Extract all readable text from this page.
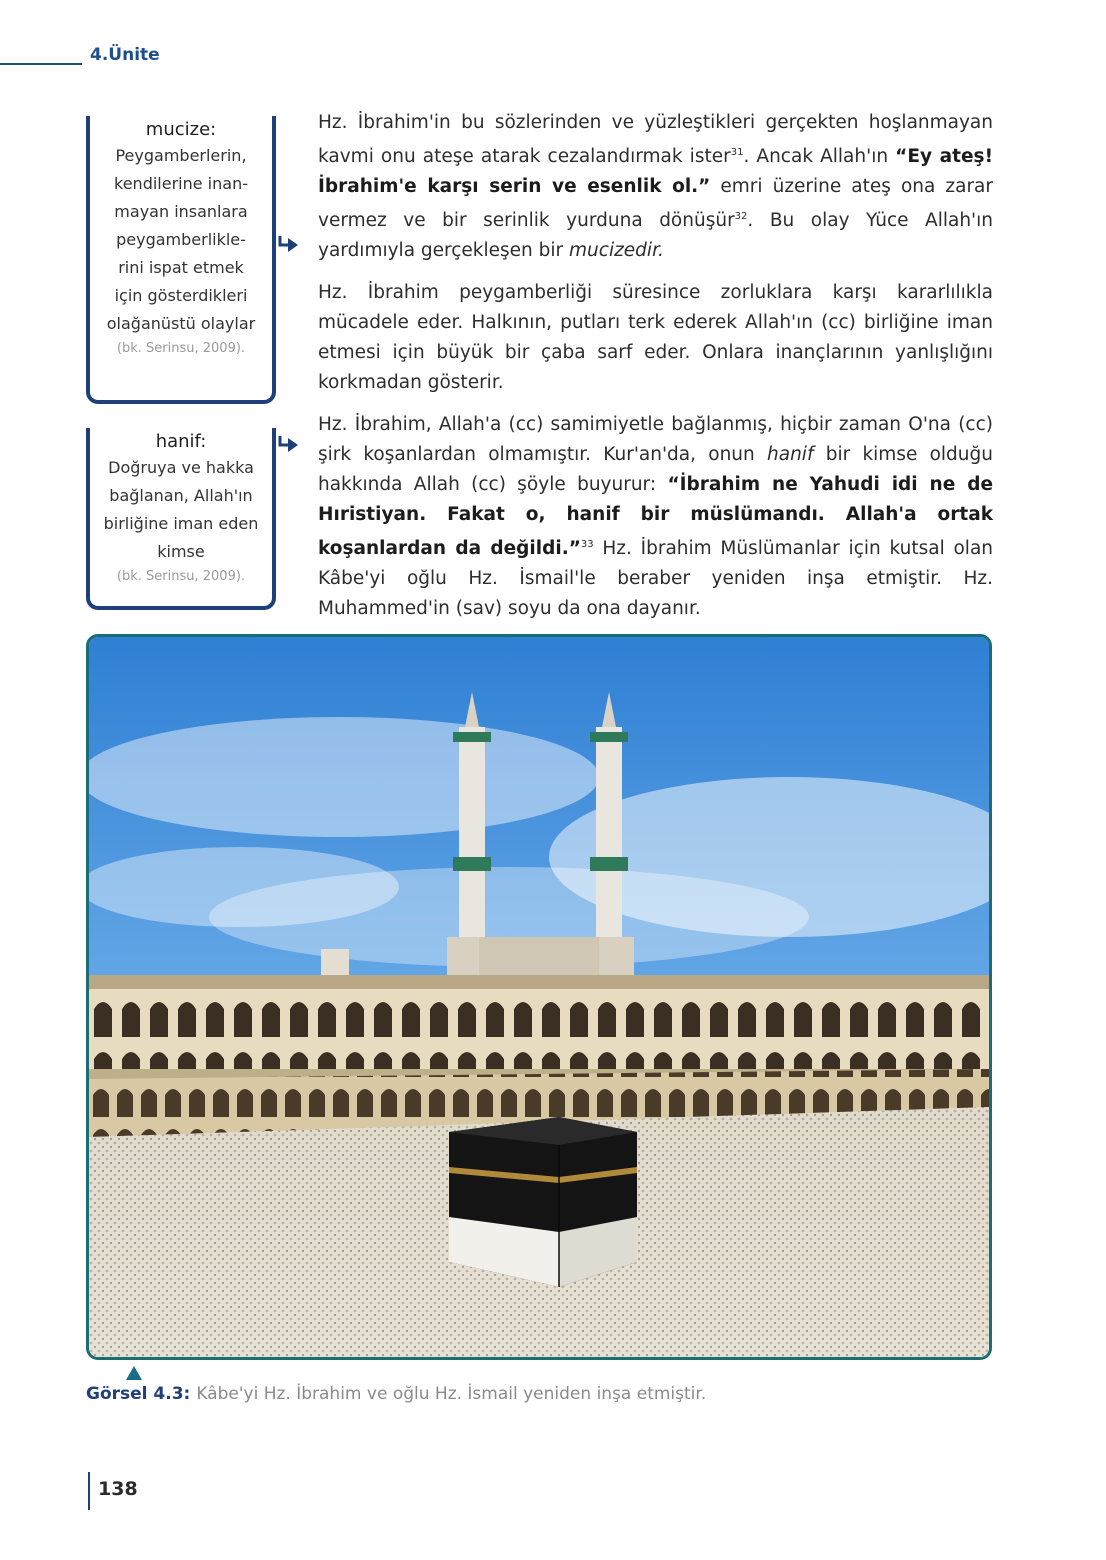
4.Ünite
mucize:
Peygamberlerin,
kendilerine inan-
mayan insanlara
peygamberlikle-
rini ispat etmek
için gösterdikleri
olağanüstü olaylar
(bk. Serinsu, 2009).
hanif:
Doğruya ve hakka
bağlanan, Allah'ın
birliğine iman eden
kimse
(bk. Serinsu, 2009).

Hz. İbrahim'in bu sözlerinden ve yüzleştikleri gerçekten hoşlanmayan kavmi onu ateşe atarak cezalandırmak ister$^{31}$. Ancak Allah'ın “Ey ateş! İbrahim'e karşı serin ve esenlik ol.” emri üzerine ateş ona zarar vermez ve bir serinlik yurduna dönüşür$^{32}$. Bu olay Yüce Allah'ın yardımıyla gerçekleşen bir mucizedir.

Hz. İbrahim peygamberliği süresince zorluklara karşı kararlılıkla mücadele eder. Halkının, putları terk ederek Allah'ın (cc) birliğine iman etmesi için büyük bir çaba sarf eder. Onlara inançlarının yanlışlığını korkmadan gösterir.

Hz. İbrahim, Allah'a (cc) samimiyetle bağlanmış, hiçbir zaman O'na (cc) şirk koşanlardan olmamıştır. Kur'an'da, onun hanif bir kimse olduğu hakkında Allah (cc) şöyle buyurur: “İbrahim ne Yahudi idi ne de Hıristiyan. Fakat o, hanif bir müslümandı. Allah'a ortak koşanlardan da değildi.”$^{33}$ Hz. İbrahim Müslümanlar için kutsal olan Kâbe'yi oğlu Hz. İsmail'le beraber yeniden inşa etmiştir. Hz. Muhammed'in (sav) soyu da ona dayanır.

Görsel 4.3: Kâbe'yi Hz. İbrahim ve oğlu Hz. İsmail yeniden inşa etmiştir.
138
